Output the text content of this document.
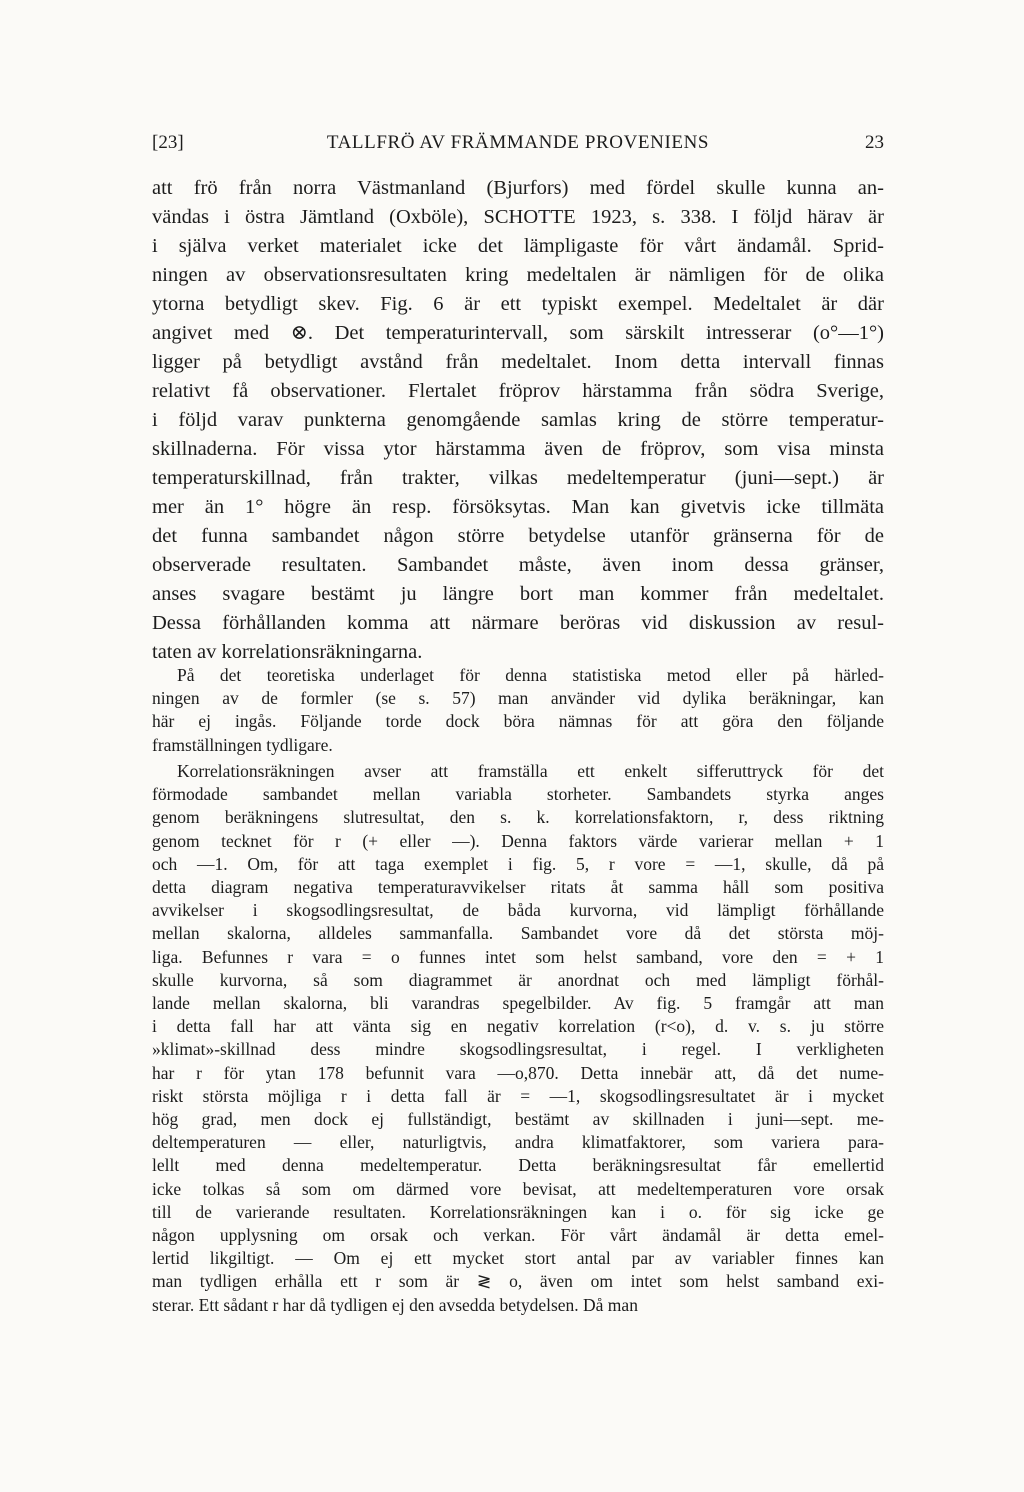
[23]	TALLFRÖ AV FRÄMMANDE PROVENIENS	23
att frö från norra Västmanland (Bjurfors) med fördel skulle kunna an-
vändas i östra Jämtland (Oxböle), SCHOTTE 1923, s. 338. I följd härav är
i själva verket materialet icke det lämpligaste för vårt ändamål. Sprid-
ningen av observationsresultaten kring medeltalen är nämligen för de olika
ytorna betydligt skev. Fig. 6 är ett typiskt exempel. Medeltalet är där
angivet med ⊗. Det temperaturintervall, som särskilt intresserar (o°—1°)
ligger på betydligt avstånd från medeltalet. Inom detta intervall finnas
relativt få observationer. Flertalet fröprov härstamma från södra Sverige,
i följd varav punkterna genomgående samlas kring de större temperatur-
skillnaderna. För vissa ytor härstamma även de fröprov, som visa minsta
temperaturskillnad, från trakter, vilkas medeltemperatur (juni—sept.) är
mer än 1° högre än resp. försöksytas. Man kan givetvis icke tillmäta
det funna sambandet någon större betydelse utanför gränserna för de
observerade resultaten. Sambandet måste, även inom dessa gränser,
anses svagare bestämt ju längre bort man kommer från medeltalet.
Dessa förhållanden komma att närmare beröras vid diskussion av resul-
taten av korrelationsräkningarna.
På det teoretiska underlaget för denna statistiska metod eller på härled-
ningen av de formler (se s. 57) man använder vid dylika beräkningar, kan
här ej ingås. Följande torde dock böra nämnas för att göra den följande
framställningen tydligare.
Korrelationsräkningen avser att framställa ett enkelt sifferuttryck för det
förmodade sambandet mellan variabla storheter. Sambandets styrka anges
genom beräkningens slutresultat, den s. k. korrelationsfaktorn, r, dess riktning
genom tecknet för r (+ eller —). Denna faktors värde varierar mellan + 1
och —1. Om, för att taga exemplet i fig. 5, r vore = —1, skulle, då på
detta diagram negativa temperaturavvikelser ritats åt samma håll som positiva
avvikelser i skogsodlingsresultat, de båda kurvorna, vid lämpligt förhållande
mellan skalorna, alldeles sammanfalla. Sambandet vore då det största möj-
liga. Befunnes r vara = o funnes intet som helst samband, vore den = + 1
skulle kurvorna, så som diagrammet är anordnat och med lämpligt förhål-
lande mellan skalorna, bli varandras spegelbilder. Av fig. 5 framgår att man
i detta fall har att vänta sig en negativ korrelation (r<o), d. v. s. ju större
»klimat»-skillnad dess mindre skogsodlingsresultat, i regel. I verkligheten
har r för ytan 178 befunnit vara —o,870. Detta innebär att, då det nume-
riskt största möjliga r i detta fall är = —1, skogsodlingsresultatet är i mycket
hög grad, men dock ej fullständigt, bestämt av skillnaden i juni—sept. me-
deltemperaturen — eller, naturligtvis, andra klimatfaktorer, som variera para-
lellt med denna medeltemperatur. Detta beräkningsresultat får emellertid
icke tolkas så som om därmed vore bevisat, att medeltemperaturen vore orsak
till de varierande resultaten. Korrelationsräkningen kan i o. för sig icke ge
någon upplysning om orsak och verkan. För vårt ändamål är detta emel-
lertid likgiltigt. — Om ej ett mycket stort antal par av variabler finnes kan
man tydligen erhålla ett r som är ≷ o, även om intet som helst samband exi-
sterar. Ett sådant r har då tydligen ej den avsedda betydelsen. Då man
